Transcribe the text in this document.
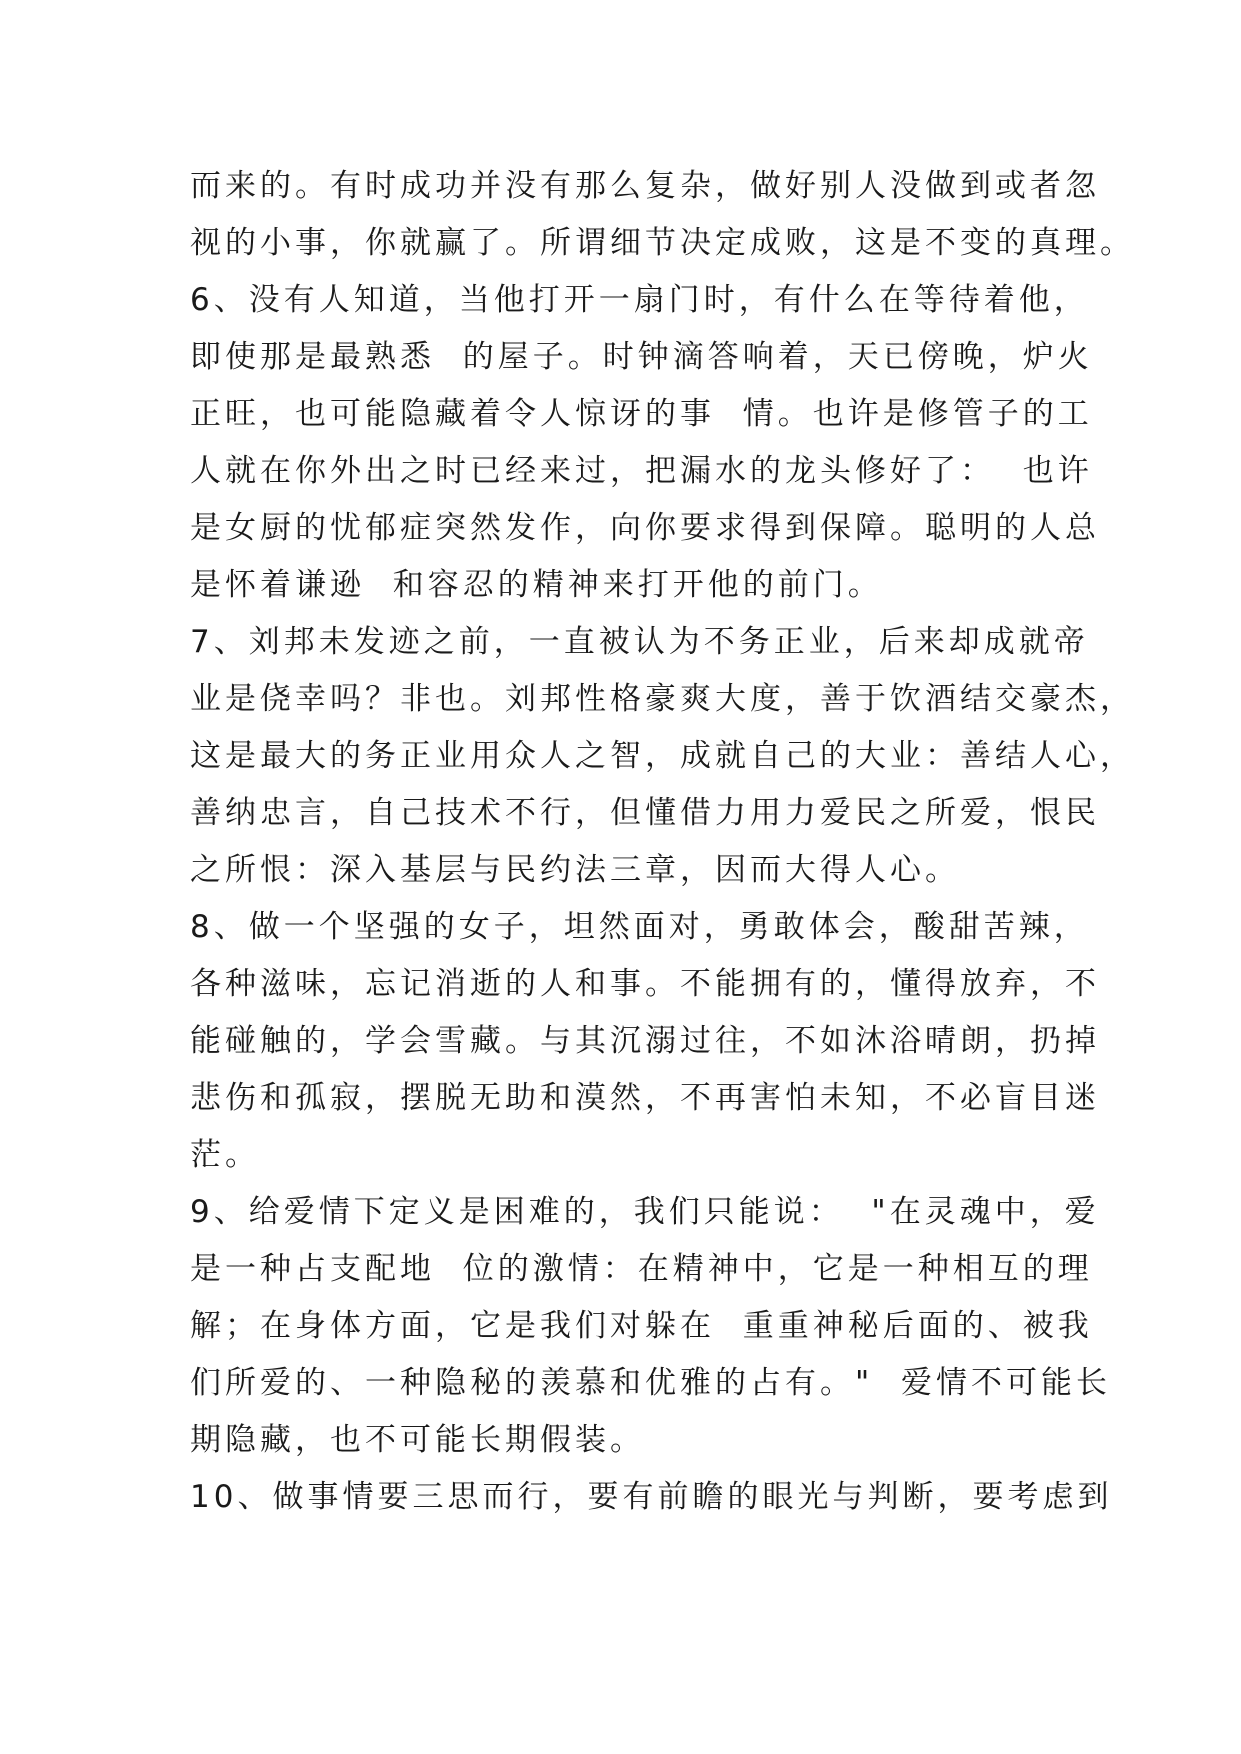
而来的。有时成功并没有那么复杂，做好别人没做到或者忽
视的小事，你就赢了。所谓细节决定成败，这是不变的真理。
6、没有人知道，当他打开一扇门时，有什么在等待着他，
即使那是最熟悉  的屋子。时钟滴答响着，天已傍晚，炉火
正旺，也可能隐藏着令人惊讶的事  情。也许是修管子的工
人就在你外出之时已经来过，把漏水的龙头修好了：  也许
是女厨的忧郁症突然发作，向你要求得到保障。聪明的人总
是怀着谦逊  和容忍的精神来打开他的前门。
7、刘邦未发迹之前，一直被认为不务正业，后来却成就帝
业是侥幸吗？非也。刘邦性格豪爽大度，善于饮酒结交豪杰，
这是最大的务正业用众人之智，成就自己的大业：善结人心，
善纳忠言，自己技术不行，但懂借力用力爱民之所爱，恨民
之所恨：深入基层与民约法三章，因而大得人心。
8、做一个坚强的女子，坦然面对，勇敢体会，酸甜苦辣，
各种滋味，忘记消逝的人和事。不能拥有的，懂得放弃，不
能碰触的，学会雪藏。与其沉溺过往，不如沐浴晴朗，扔掉
悲伤和孤寂，摆脱无助和漠然，不再害怕未知，不必盲目迷
茫。
9、给爱情下定义是困难的，我们只能说：  "在灵魂中，爱
是一种占支配地  位的激情：在精神中，它是一种相互的理
解；在身体方面，它是我们对躲在  重重神秘后面的、被我
们所爱的、一种隐秘的羡慕和优雅的占有。"  爱情不可能长
期隐藏，也不可能长期假装。
10、做事情要三思而行，要有前瞻的眼光与判断，要考虑到
